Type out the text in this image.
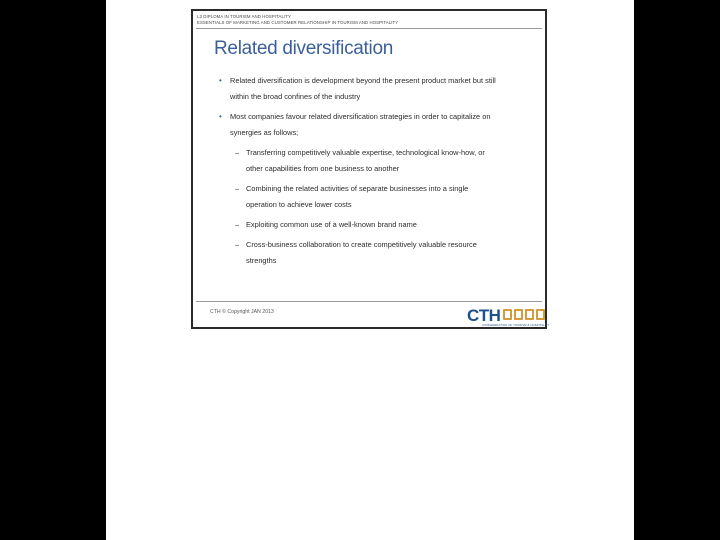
L3 DIPLOMA IN TOURISM AND HOSPITALITY
ESSENTIALS OF MARKETING AND CUSTOMER RELATIONSHIP IN TOURISM AND HOSPITALITY
Related diversification
• Related diversification is development beyond the present product market but still within the broad confines of the industry
• Most companies favour related diversification strategies in order to capitalize on synergies as follows;
– Transferring competitively valuable expertise, technological know-how, or other capabilities from one business to another
– Combining the related activities of separate businesses into a single operation to achieve lower costs
– Exploiting common use of a well-known brand name
– Cross-business collaboration to create competitively valuable resource strengths
CTH © Copyright JAN 2013	CTH
CONFEDERATION OF TOURISM & HOSPITALITY
